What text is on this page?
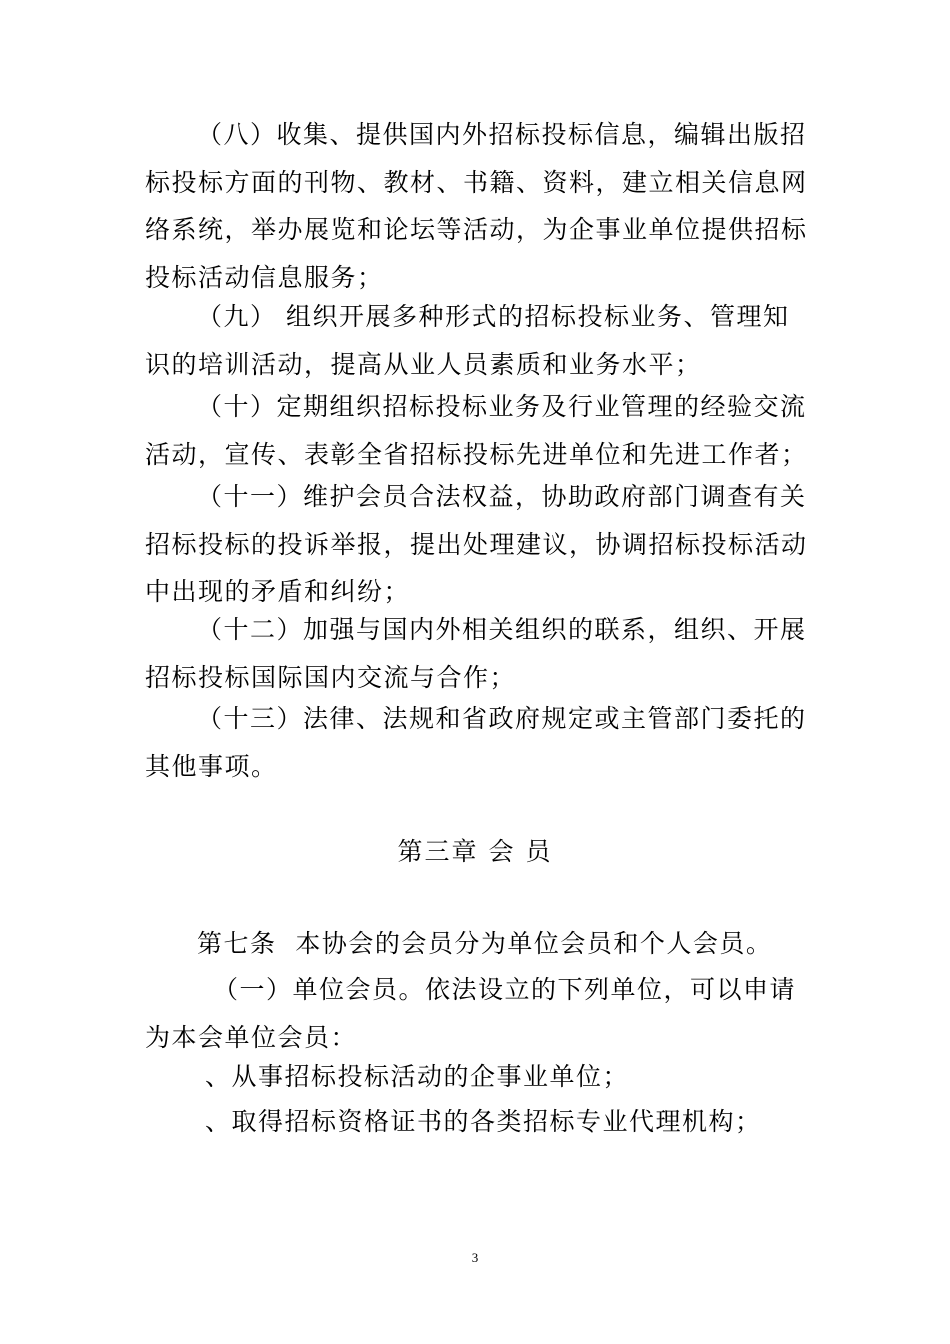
（八）收集、提供国内外招标投标信息，编辑出版招标投标方面的刊物、教材、书籍、资料，建立相关信息网络系统，举办展览和论坛等活动，为企事业单位提供招标投标活动信息服务；

（九） 组织开展多种形式的招标投标业务、管理知识的培训活动，提高从业人员素质和业务水平；

（十）定期组织招标投标业务及行业管理的经验交流活动，宣传、表彰全省招标投标先进单位和先进工作者；

（十一）维护会员合法权益，协助政府部门调查有关招标投标的投诉举报，提出处理建议，协调招标投标活动中出现的矛盾和纠纷；

（十二）加强与国内外相关组织的联系，组织、开展招标投标国际国内交流与合作；

（十三）法律、法规和省政府规定或主管部门委托的其他事项。

第三章 会 员

第七条  本协会的会员分为单位会员和个人会员。

（一）单位会员。依法设立的下列单位，可以申请为本会单位会员：

、从事招标投标活动的企事业单位；

、取得招标资格证书的各类招标专业代理机构；

3
